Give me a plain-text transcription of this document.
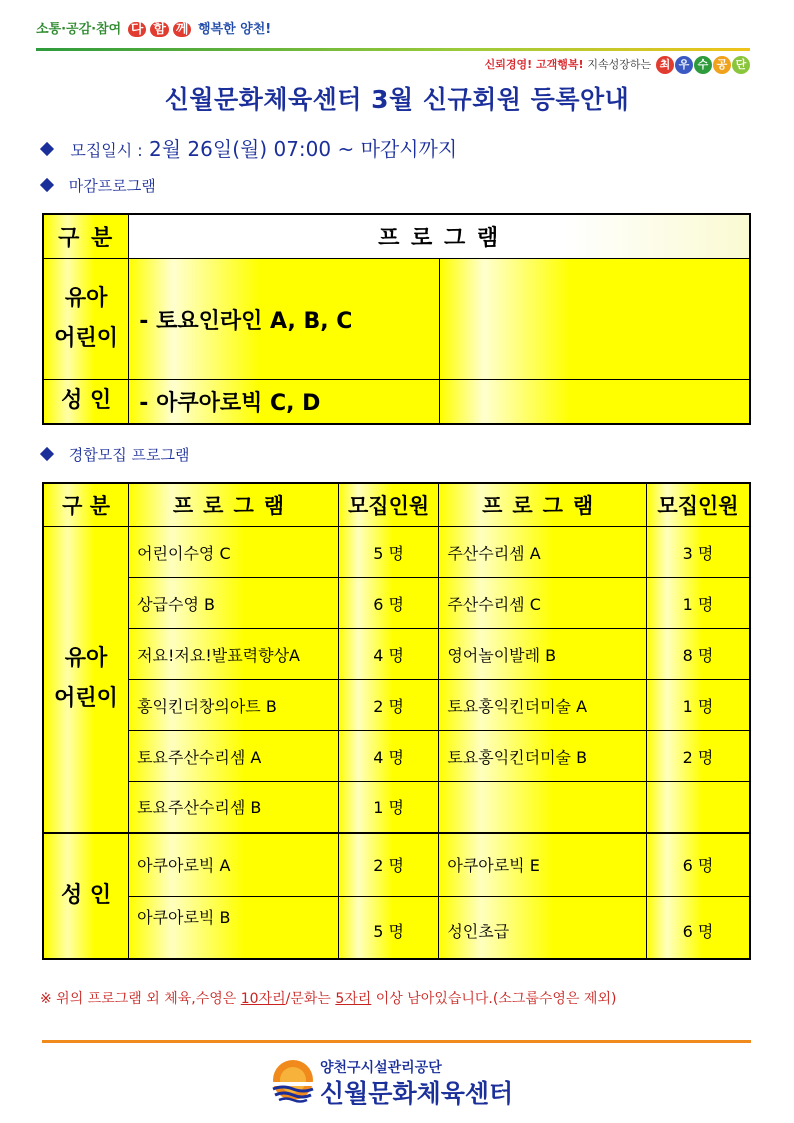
소통·공감·참여 다 함 께 행복한 양천!
신뢰경영! 고객행복! 지속성장하는 최 우 수 공 단
신월문화체육센터 3월 신규회원 등록안내
모집일시 : 2월 26일(월) 07:00 ~ 마감시까지
마감프로그램
구 분	프 로 그 램	

유아
어린이	- 토요인라인 A, B, C	
성 인	- 아쿠아로빅 C, D	
경합모집 프로그램
구 분	프로그램	모집인원	프로그램	모집인원

유아
어린이	어린이수영 C	5 명	주산수리셈 A	3 명
	상급수영 B	6 명	주산수리셈 C	1 명
	저요!저요!발표력향상A	4 명	영어놀이발레 B	8 명
	홍익킨더창의아트 B	2 명	토요홍익킨더미술 A	1 명
	토요주산수리셈 A	4 명	토요홍익킨더미술 B	2 명
	토요주산수리셈 B	1 명		
성 인	아쿠아로빅 A	2 명	아쿠아로빅 E	6 명
	아쿠아로빅 B	5 명	성인초급	6 명
※ 위의 프로그램 외 체육,수영은 10자리/문화는 5자리 이상 남아있습니다.(소그룹수영은 제외)
양천구시설관리공단
신월문화체육센터
